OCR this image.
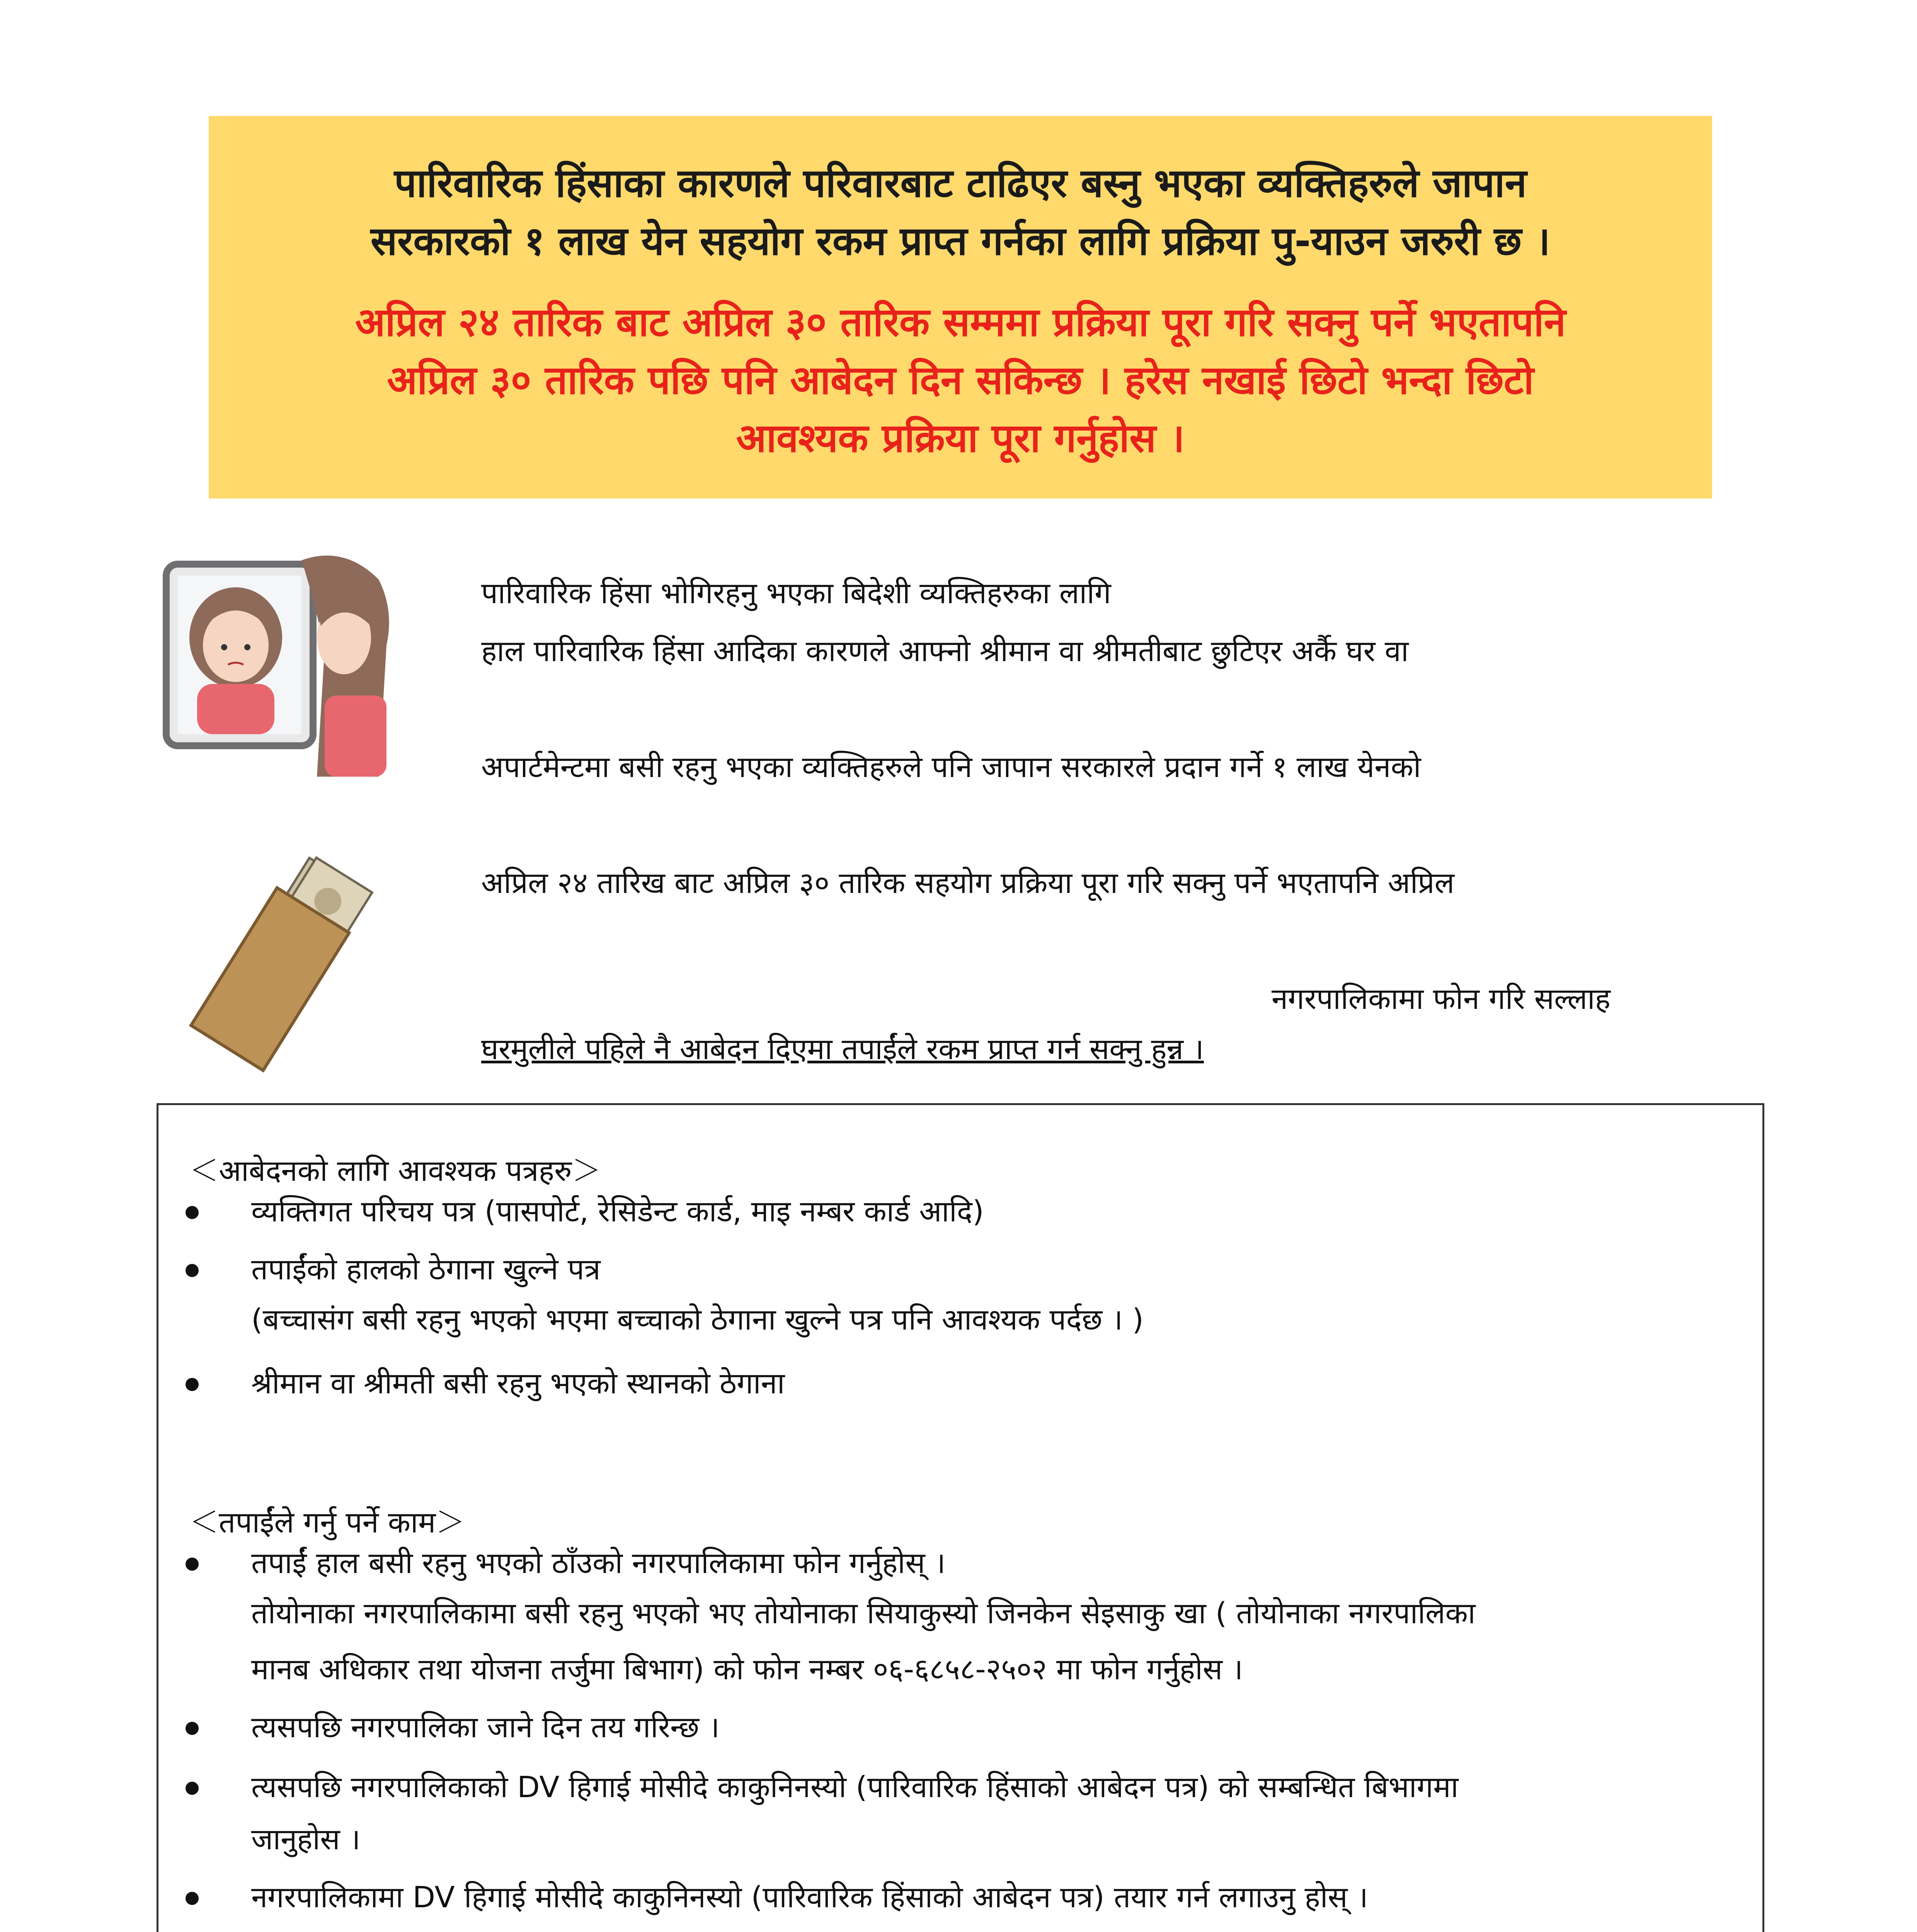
पारिवारिक हिंसाका कारणले परिवारबाट टाढिएर बस्नु भएका व्यक्तिहरुले जापान
सरकारको १ लाख येन सहयोग रकम प्राप्त गर्नका लागि प्रक्रिया पु-याउन जरुरी छ ।
अप्रिल २४ तारिक बाट अप्रिल ३० तारिक सम्ममा प्रक्रिया पूरा गरि सक्नु पर्ने भएतापनि
अप्रिल ३० तारिक पछि पनि आबेदन दिन सकिन्छ । हरेस नखाई छिटो भन्दा छिटो
आवश्यक प्रक्रिया पूरा गर्नुहोस ।
पारिवारिक हिंसा भोगिरहनु भएका बिदेशी व्यक्तिहरुका लागि
हाल पारिवारिक हिंसा आदिका कारणले आफ्नो श्रीमान वा श्रीमतीबाट छुटिएर अर्कै घर वा
अपार्टमेन्टमा बसी रहनु भएका व्यक्तिहरुले पनि जापान सरकारले प्रदान गर्ने १ लाख येनको
अप्रिल २४ तारिख बाट अप्रिल ३० तारिक सहयोग प्रक्रिया पूरा गरि सक्नु पर्ने भएतापनि अप्रिल
नगरपालिकामा फोन गरि सल्लाह
घरमुलीले पहिले नै आबेदन दिएमा तपाईंले रकम प्राप्त गर्न सक्नु हुन्न ।
＜आबेदनको लागि आवश्यक पत्रहरु＞
व्यक्तिगत परिचय पत्र (पासपोर्ट, रेसिडेन्ट कार्ड, माइ नम्बर कार्ड आदि)
तपाईंको हालको ठेगाना खुल्ने पत्र
(बच्चासंग बसी रहनु भएको भएमा बच्चाको ठेगाना खुल्ने पत्र पनि आवश्यक पर्दछ । )
श्रीमान वा श्रीमती बसी रहनु भएको स्थानको ठेगाना
＜तपाईंले गर्नु पर्ने काम＞
तपाईं हाल बसी रहनु भएको ठाँउको नगरपालिकामा फोन गर्नुहोस् ।
तोयोनाका नगरपालिकामा बसी रहनु भएको भए तोयोनाका सियाकुस्यो जिनकेन सेइसाकु खा ( तोयोनाका नगरपालिका
मानब अधिकार तथा योजना तर्जुमा बिभाग) को फोन नम्बर ०६-६८५८-२५०२ मा फोन गर्नुहोस ।
त्यसपछि नगरपालिका जाने दिन तय गरिन्छ ।
त्यसपछि नगरपालिकाको DV हिगाई मोसीदे काकुनिनस्यो (पारिवारिक हिंसाको आबेदन पत्र) को सम्बन्धित बिभागमा
जानुहोस ।
नगरपालिकामा DV हिगाई मोसीदे काकुनिनस्यो (पारिवारिक हिंसाको आबेदन पत्र) तयार गर्न लगाउनु होस् ।
